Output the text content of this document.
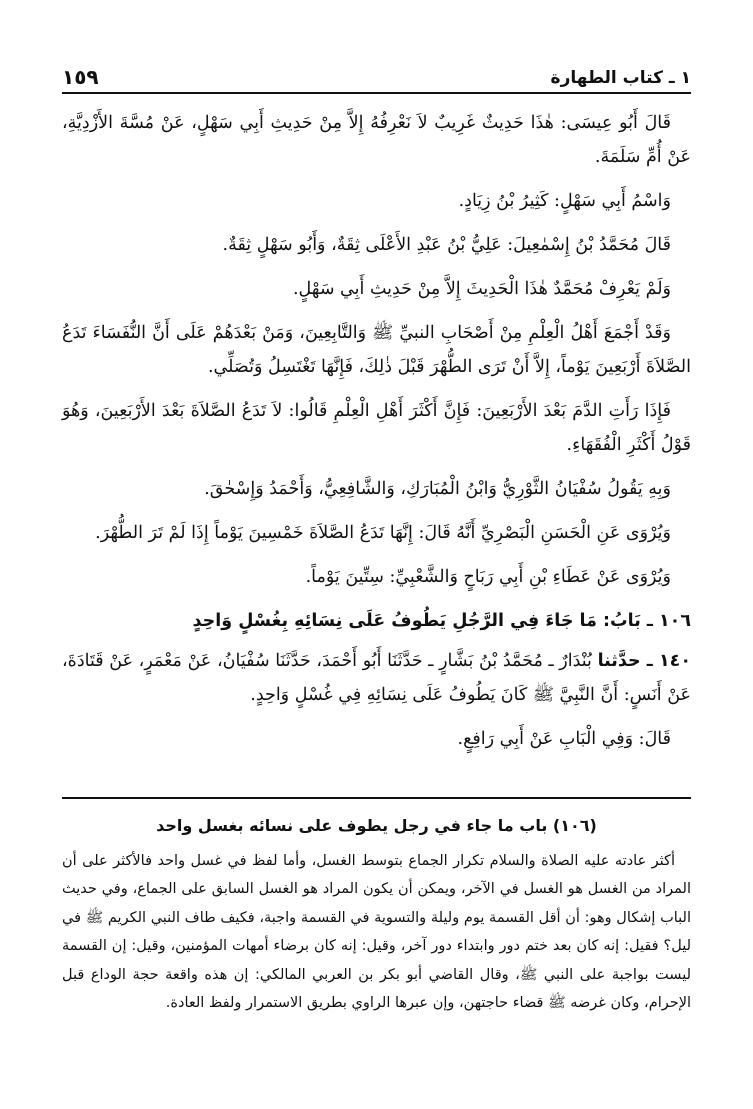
١ ـ كتاب الطهارة
١٥٩

قَالَ أَبُو عِيسَى: هٰذَا حَدِيثٌ غَرِيبٌ لاَ نَعْرِفُهُ إِلاَّ مِنْ حَدِيثِ أَبِي سَهْلٍ، عَنْ مُسَّةَ الأَزْدِيَّةِ، عَنْ أُمِّ سَلَمَةَ.

وَاسْمُ أَبِي سَهْلٍ: كَثِيرُ بْنُ زِيَادٍ.

قَالَ مُحَمَّدُ بْنُ إِسْمٰعِيلَ: عَلِيُّ بْنُ عَبْدِ الأَعْلَى ثِقَةٌ، وَأَبُو سَهْلٍ ثِقَةٌ.

وَلَمْ يَعْرِفْ مُحَمَّدٌ هٰذَا الْحَدِيثَ إِلاَّ مِنْ حَدِيثِ أَبِي سَهْلٍ.

وَقَدْ أَجْمَعَ أَهْلُ الْعِلْمِ مِنْ أَصْحَابِ النبيِّ ﷺ وَالتَّابِعِينَ، وَمَنْ بَعْدَهُمْ عَلَى أَنَّ النُّفَسَاءَ تَدَعُ الصَّلاَةَ أَرْبَعِينَ يَوْماً، إِلاَّ أَنْ تَرَى الطُّهْرَ قَبْلَ ذٰلِكَ، فَإِنَّهَا تَغْتَسِلُ وَتُصَلِّي.

فَإِذَا رَأَتِ الدَّمَ بَعْدَ الأَرْبَعِينَ: فَإِنَّ أَكْثَرَ أَهْلِ الْعِلْمِ قَالُوا: لاَ تَدَعُ الصَّلاَةَ بَعْدَ الأَرْبَعِينَ، وَهُوَ قَوْلُ أَكْثَرِ الْفُقَهَاءِ.

وَبِهِ يَقُولُ سُفْيَانُ الثَّوْرِيُّ وَابْنُ الْمُبَارَكِ، وَالشَّافِعِيُّ، وَأَحْمَدُ وَإِسْحٰقَ.

وَيُرْوَى عَنِ الْحَسَنِ الْبَصْرِيِّ أَنَّهُ قَالَ: إِنَّهَا تَدَعُ الصَّلاَةَ خَمْسِينَ يَوْماً إِذَا لَمْ تَرَ الطُّهْرَ.

وَيُرْوَى عَنْ عَطَاءِ بْنِ أَبِي رَبَاحٍ وَالشَّعْبِيِّ: سِتِّينَ يَوْماً.

١٠٦ ـ بَابُ: مَا جَاءَ فِي الرَّجُلِ يَطُوفُ عَلَى نِسَائِهِ بِغُسْلٍ وَاحِدٍ

١٤٠ ـ حدَّثنا بُنْدَارٌ ـ مُحَمَّدُ بْنُ بَشَّارٍ ـ حَدَّثَنَا أَبُو أَحْمَدَ، حَدَّثَنَا سُفْيَانُ، عَنْ مَعْمَرٍ، عَنْ قَتَادَةَ، عَنْ أَنَسٍ: أَنَّ النَّبِيَّ ﷺ كَانَ يَطُوفُ عَلَى نِسَائِهِ فِي غُسْلٍ وَاحِدٍ.

قَالَ: وَفِي الْبَابِ عَنْ أَبِي رَافِعٍ.

(١٠٦) باب ما جاء في رجل يطوف على نسائه بغسل واحد

أكثر عادته عليه الصلاة والسلام تكرار الجماع بتوسط الغسل، وأما لفظ في غسل واحد فالأكثر على أن المراد من الغسل هو الغسل في الآخر، ويمكن أن يكون المراد هو الغسل السابق على الجماع، وفي حديث الباب إشكال وهو: أن أقل القسمة يوم وليلة والتسوية في القسمة واجبة، فكيف طاف النبي الكريم ﷺ في ليل؟ فقيل: إنه كان بعد ختم دور وابتداء دور آخر، وقيل: إنه كان برضاء أمهات المؤمنين، وقيل: إن القسمة ليست بواجبة على النبي ﷺ، وقال القاضي أبو بكر بن العربي المالكي: إن هذه واقعة حجة الوداع قبل الإحرام، وكان غرضه ﷺ قضاء حاجتهن، وإن عبرها الراوي بطريق الاستمرار ولفظ العادة.
